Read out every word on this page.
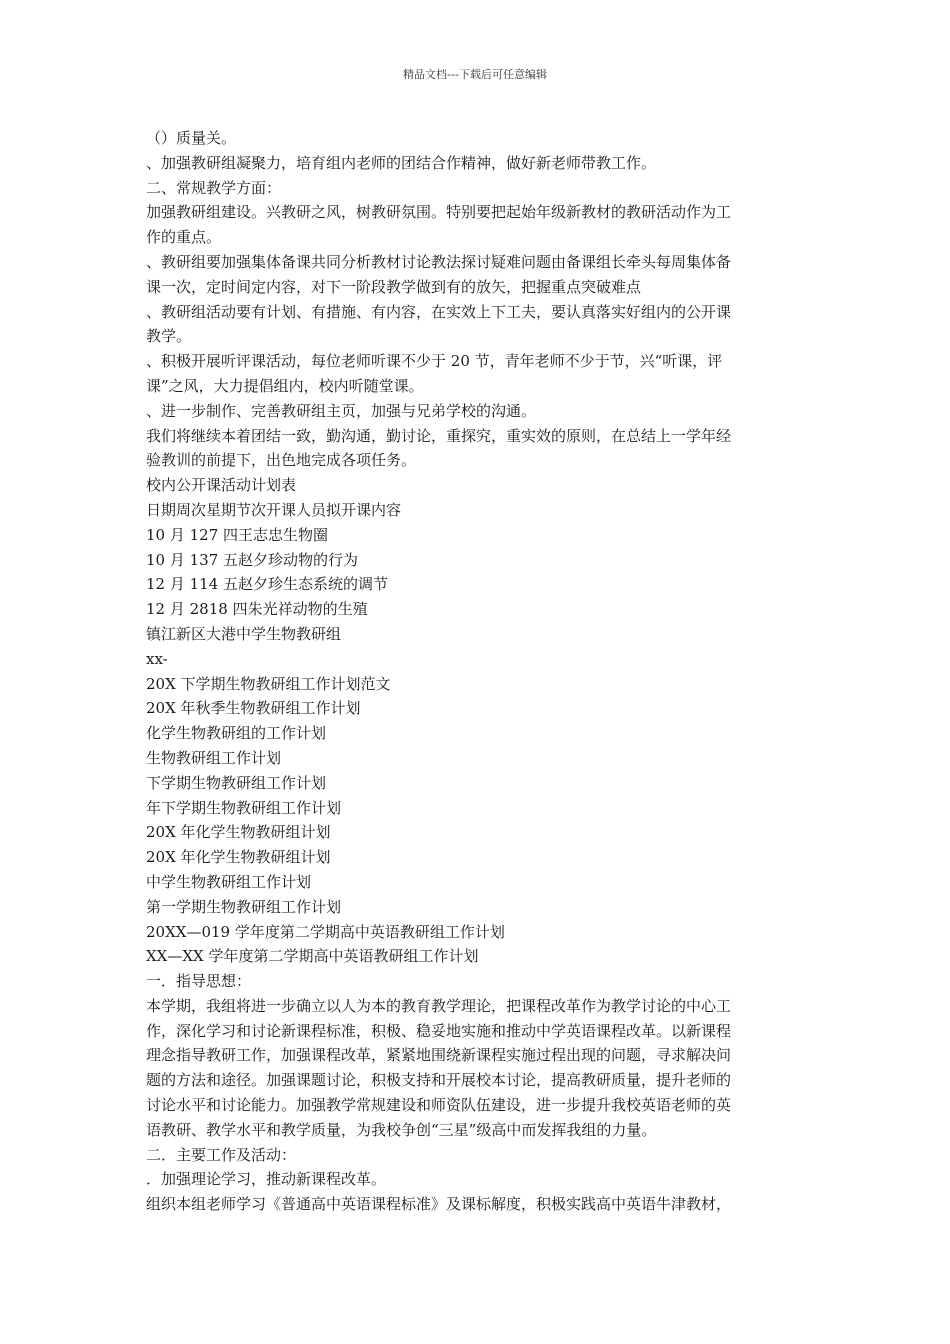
精品文档---下载后可任意编辑
（）质量关。
、加强教研组凝聚力，培育组内老师的团结合作精神，做好新老师带教工作。
二、常规教学方面：
加强教研组建设。兴教研之风，树教研氛围。特别要把起始年级新教材的教研活动作为工
作的重点。
、教研组要加强集体备课共同分析教材讨论教法探讨疑难问题由备课组长牵头每周集体备
课一次，定时间定内容，对下一阶段教学做到有的放矢，把握重点突破难点
、教研组活动要有计划、有措施、有内容，在实效上下工夫，要认真落实好组内的公开课
教学。
、积极开展听评课活动，每位老师听课不少于 20 节，青年老师不少于节，兴“听课，评
课”之风，大力提倡组内，校内听随堂课。
、进一步制作、完善教研组主页，加强与兄弟学校的沟通。
我们将继续本着团结一致，勤沟通，勤讨论，重探究，重实效的原则，在总结上一学年经
验教训的前提下，出色地完成各项任务。
校内公开课活动计划表
日期周次星期节次开课人员拟开课内容
10 月 127 四王志忠生物圈
10 月 137 五赵夕珍动物的行为
12 月 114 五赵夕珍生态系统的调节
12 月 2818 四朱光祥动物的生殖
镇江新区大港中学生物教研组
xx-
20X 下学期生物教研组工作计划范文
20X 年秋季生物教研组工作计划
化学生物教研组的工作计划
生物教研组工作计划
下学期生物教研组工作计划
年下学期生物教研组工作计划
20X 年化学生物教研组计划
20X 年化学生物教研组计划
中学生物教研组工作计划
第一学期生物教研组工作计划
20XX—019 学年度第二学期高中英语教研组工作计划
XX—XX 学年度第二学期高中英语教研组工作计划
一．指导思想：
本学期，我组将进一步确立以人为本的教育教学理论，把课程改革作为教学讨论的中心工
作，深化学习和讨论新课程标准，积极、稳妥地实施和推动中学英语课程改革。以新课程
理念指导教研工作，加强课程改革，紧紧地围绕新课程实施过程出现的问题，寻求解决问
题的方法和途径。加强课题讨论，积极支持和开展校本讨论，提高教研质量，提升老师的
讨论水平和讨论能力。加强教学常规建设和师资队伍建设，进一步提升我校英语老师的英
语教研、教学水平和教学质量，为我校争创“三星”级高中而发挥我组的力量。
二．主要工作及活动：
．加强理论学习，推动新课程改革。
组织本组老师学习《普通高中英语课程标准》及课标解度，积极实践高中英语牛津教材，
